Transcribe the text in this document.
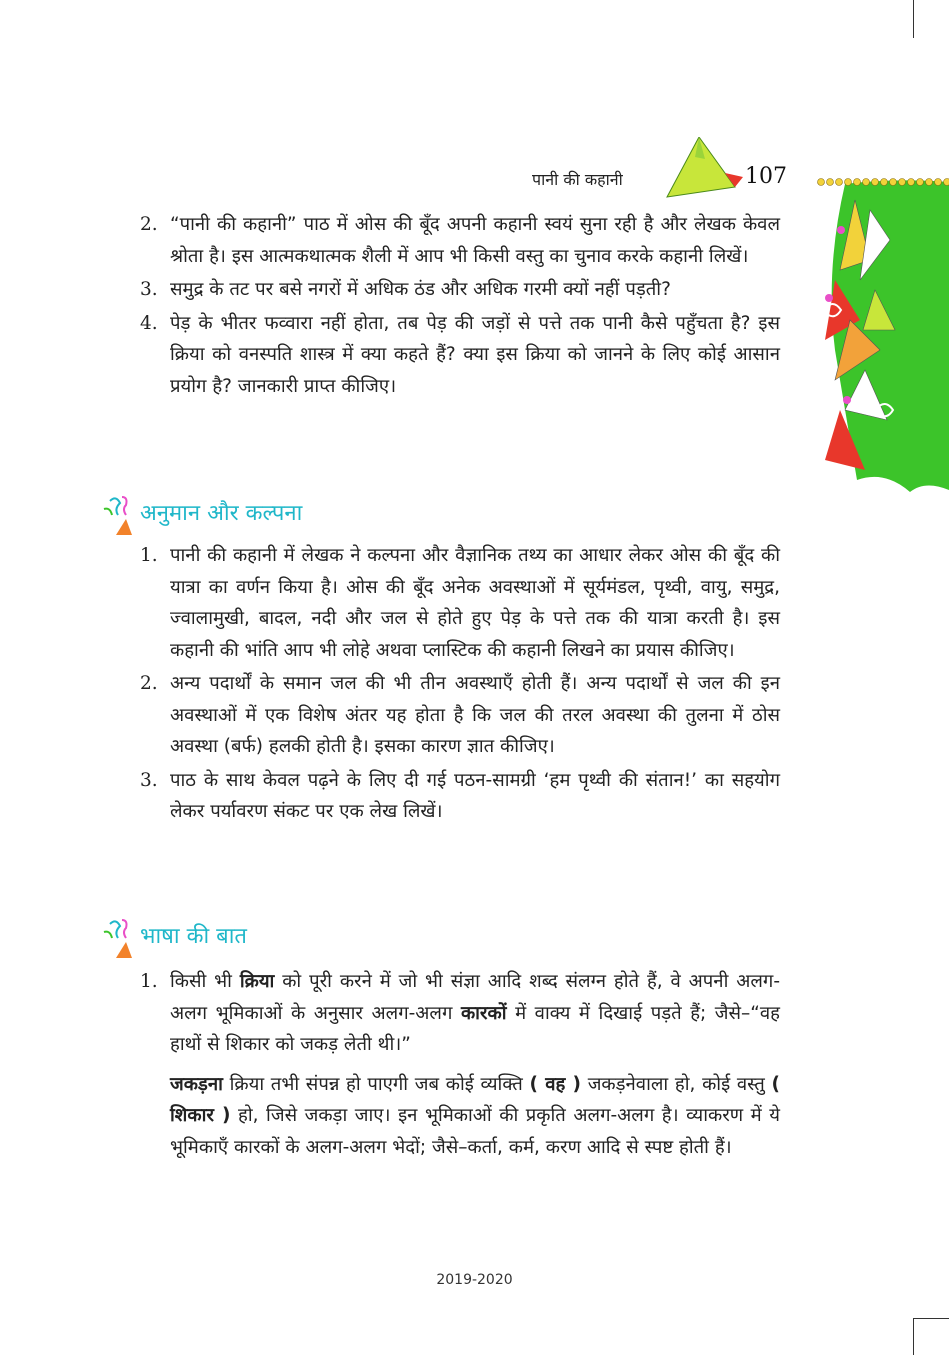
पानी की कहानी	107
2. “पानी की कहानी” पाठ में ओस की बूँद अपनी कहानी स्वयं सुना रही है और लेखक केवल श्रोता है। इस आत्मकथात्मक शैली में आप भी किसी वस्तु का चुनाव करके कहानी लिखें।
3. समुद्र के तट पर बसे नगरों में अधिक ठंड और अधिक गरमी क्यों नहीं पड़ती?
4. पेड़ के भीतर फव्वारा नहीं होता, तब पेड़ की जड़ों से पत्ते तक पानी कैसे पहुँचता है? इस क्रिया को वनस्पति शास्त्र में क्या कहते हैं? क्या इस क्रिया को जानने के लिए कोई आसान प्रयोग है? जानकारी प्राप्त कीजिए।
अनुमान और कल्पना
1. पानी की कहानी में लेखक ने कल्पना और वैज्ञानिक तथ्य का आधार लेकर ओस की बूँद की यात्रा का वर्णन किया है। ओस की बूँद अनेक अवस्थाओं में सूर्यमंडल, पृथ्वी, वायु, समुद्र, ज्वालामुखी, बादल, नदी और जल से होते हुए पेड़ के पत्ते तक की यात्रा करती है। इस कहानी की भांति आप भी लोहे अथवा प्लास्टिक की कहानी लिखने का प्रयास कीजिए।
2. अन्य पदार्थों के समान जल की भी तीन अवस्थाएँ होती हैं। अन्य पदार्थों से जल की इन अवस्थाओं में एक विशेष अंतर यह होता है कि जल की तरल अवस्था की तुलना में ठोस अवस्था (बर्फ) हलकी होती है। इसका कारण ज्ञात कीजिए।
3. पाठ के साथ केवल पढ़ने के लिए दी गई पठन-सामग्री ‘हम पृथ्वी की संतान!’ का सहयोग लेकर पर्यावरण संकट पर एक लेख लिखें।
भाषा की बात
1. किसी भी क्रिया को पूरी करने में जो भी संज्ञा आदि शब्द संलग्न होते हैं, वे अपनी अलग-अलग भूमिकाओं के अनुसार अलग-अलग कारकों में वाक्य में दिखाई पड़ते हैं; जैसे–“वह हाथों से शिकार को जकड़ लेती थी।”
जकड़ना क्रिया तभी संपन्न हो पाएगी जब कोई व्यक्ति ( वह ) जकड़नेवाला हो, कोई वस्तु ( शिकार ) हो, जिसे जकड़ा जाए। इन भूमिकाओं की प्रकृति अलग-अलग है। व्याकरण में ये भूमिकाएँ कारकों के अलग-अलग भेदों; जैसे–कर्ता, कर्म, करण आदि से स्पष्ट होती हैं।
2019-2020
